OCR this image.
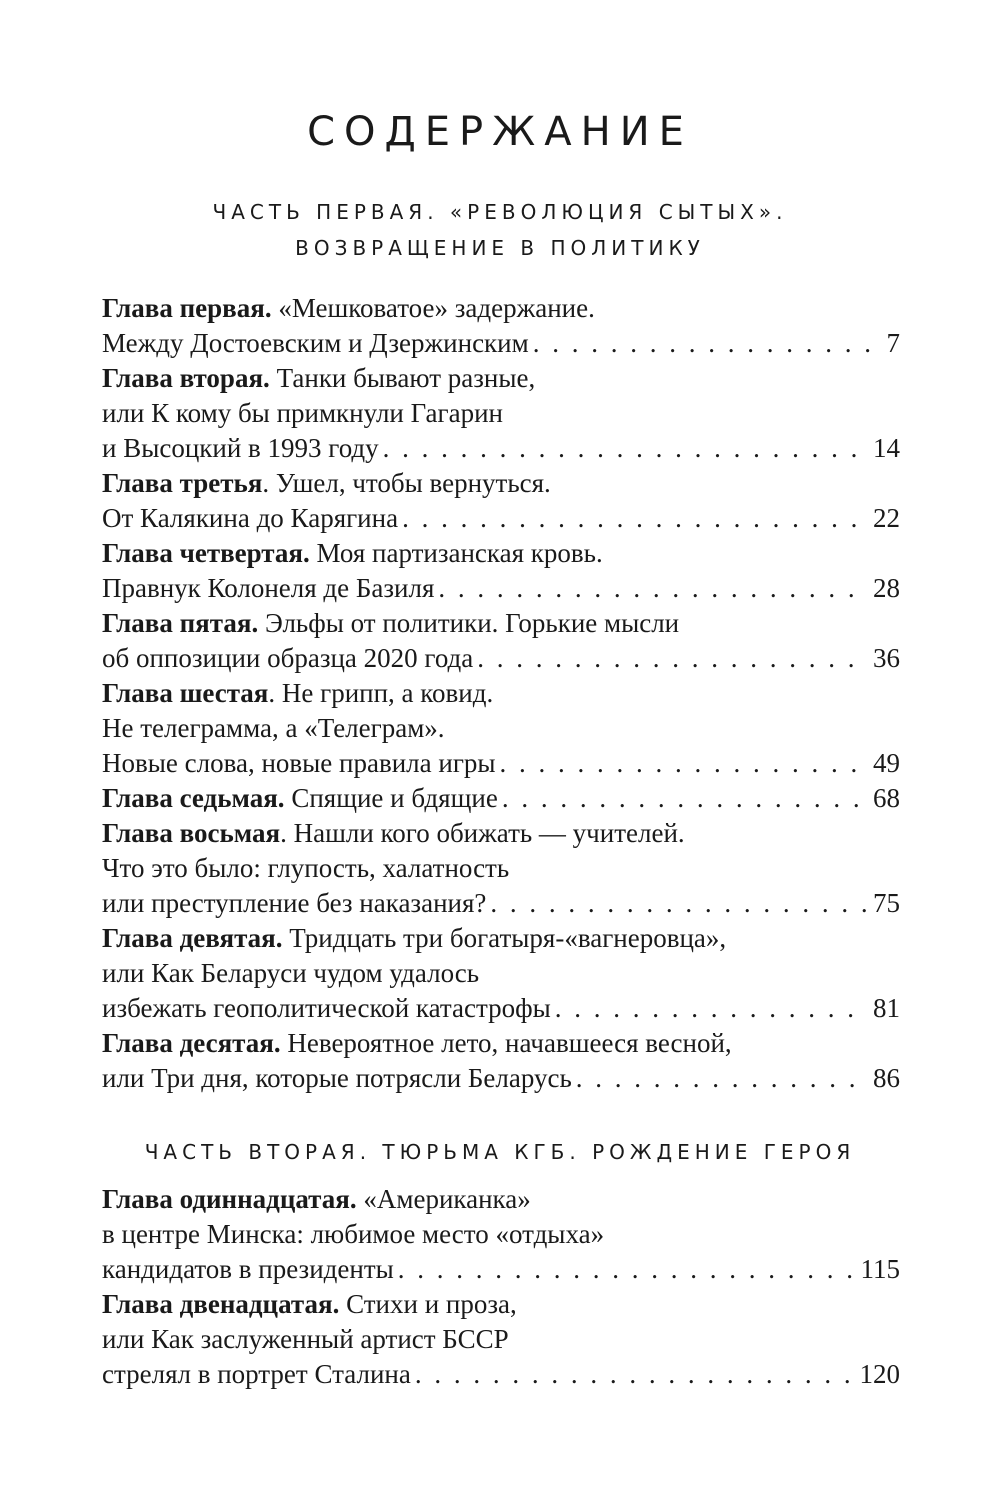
СОДЕРЖАНИЕ
ЧАСТЬ ПЕРВАЯ. «РЕВОЛЮЦИЯ СЫТЫХ».
ВОЗВРАЩЕНИЕ В ПОЛИТИКУ
Глава первая.
«Мешковатое» задержание.
Между Достоевским и Дзержинским . . .	7
Глава вторая.
Танки бывают разные,
или К кому бы примкнули Гагарин
и Высоцкий в 1993 году . . .	14
Глава третья . Ушел, чтобы вернуться.
От Калякина до Карягина . . .	22
Глава четвертая.
Моя партизанская кровь.
Правнук Колонеля де Базиля . . .	28
Глава пятая.
Эльфы от политики. Горькие мысли
об оппозиции образца 2020 года . . .	36
Глава шестая . Не грипп, а ковид.
Не телеграмма, а «Телеграм».
Новые слова, новые правила игры . . .	49
Глава седьмая.
Спящие и бдящие . . .	68
Глава восьмая . Нашли кого обижать — учителей.
Что это было: глупость, халатность
или преступление без наказания? . . .	75
Глава девятая.
Тридцать три богатыря-«вагнеровца»,
или Как Беларуси чудом удалось
избежать геополитической катастрофы . . .	81
Глава десятая.
Невероятное лето, начавшееся весной,
или Три дня, которые потрясли Беларусь . . .	86
ЧАСТЬ ВТОРАЯ. ТЮРЬМА КГБ. РОЖДЕНИЕ ГЕРОЯ
Глава одиннадцатая.
«Американка»
в центре Минска: любимое место «отдыха»
кандидатов в президенты . . .	115
Глава двенадцатая.
Стихи и проза,
или Как заслуженный артист БССР
стрелял в портрет Сталина . . .	120
